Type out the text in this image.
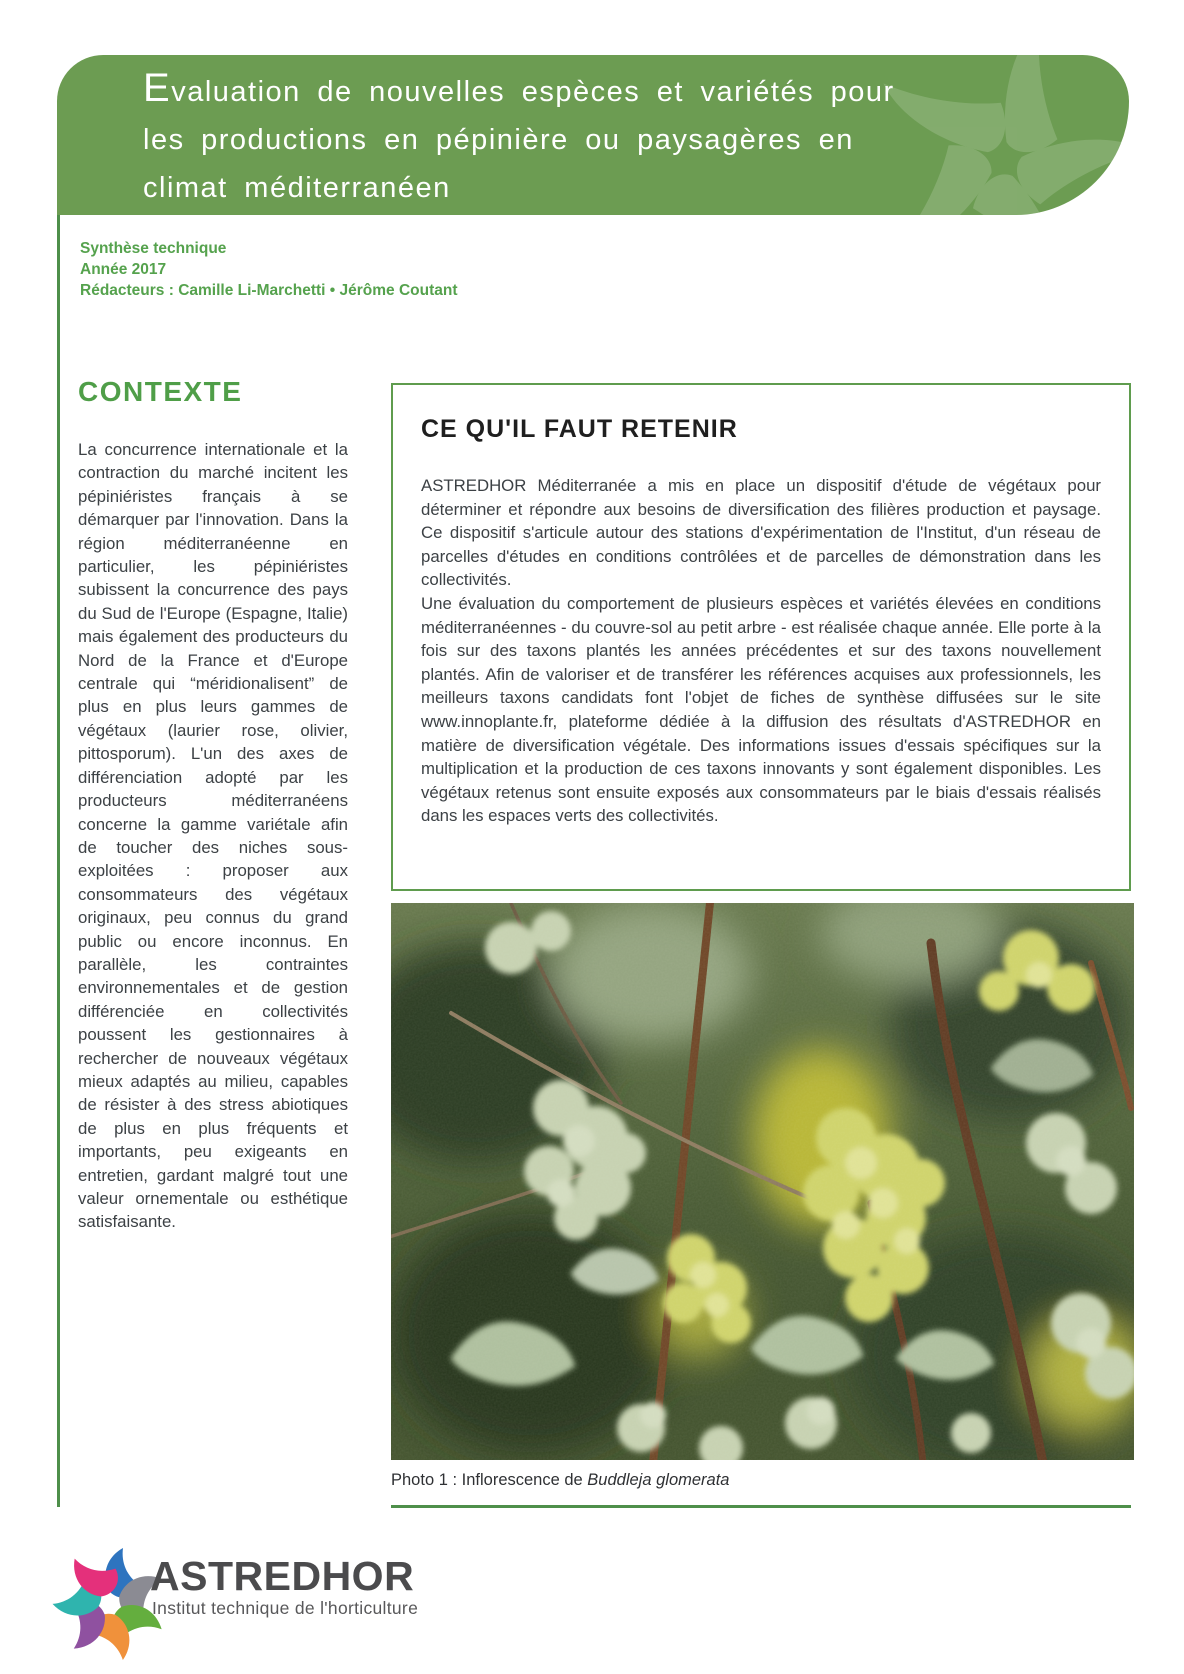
Evaluation de nouvelles espèces et variétés pour
les productions en pépinière ou paysagères en
climat méditerranéen
Synthèse technique
Année 2017
Rédacteurs : Camille Li-Marchetti • Jérôme Coutant
CONTEXTE
La concurrence internationale et la contraction du marché incitent les pépiniéristes français à se démarquer par l'innovation. Dans la région méditerranéenne en particulier, les pépiniéristes subissent la concurrence des pays du Sud de l'Europe (Espagne, Italie) mais également des producteurs du Nord de la France et d'Europe centrale qui “méridionalisent” de plus en plus leurs gammes de végétaux (laurier rose, olivier, pittosporum). L'un des axes de différenciation adopté par les producteurs méditerranéens concerne la gamme variétale afin de toucher des niches sous-exploitées : proposer aux consommateurs des végétaux originaux, peu connus du grand public ou encore inconnus. En parallèle, les contraintes environnementales et de gestion différenciée en collectivités poussent les gestionnaires à rechercher de nouveaux végétaux mieux adaptés au milieu, capables de résister à des stress abiotiques de plus en plus fréquents et importants, peu exigeants en entretien, gardant malgré tout une valeur ornementale ou esthétique satisfaisante.
CE QU'IL FAUT RETENIR

ASTREDHOR Méditerranée a mis en place un dispositif d'étude de végétaux pour déterminer et répondre aux besoins de diversification des filières production et paysage. Ce dispositif s'articule autour des stations d'expérimentation de l'Institut, d'un réseau de parcelles d'études en conditions contrôlées et de parcelles de démonstration dans les collectivités.

Une évaluation du comportement de plusieurs espèces et variétés élevées en conditions méditerranéennes - du couvre-sol au petit arbre - est réalisée chaque année. Elle porte à la fois sur des taxons plantés les années précédentes et sur des taxons nouvellement plantés. Afin de valoriser et de transférer les références acquises aux professionnels, les meilleurs taxons candidats font l'objet de fiches de synthèse diffusées sur le site www.innoplante.fr, plateforme dédiée à la diffusion des résultats d'ASTREDHOR en matière de diversification végétale. Des informations issues d'essais spécifiques sur la multiplication et la production de ces taxons innovants y sont également disponibles. Les végétaux retenus sont ensuite exposés aux consommateurs par le biais d'essais réalisés dans les espaces verts des collectivités.

Photo 1 : Inflorescence de Buddleja glomerata
ASTREDHOR
Institut technique de l'horticulture
